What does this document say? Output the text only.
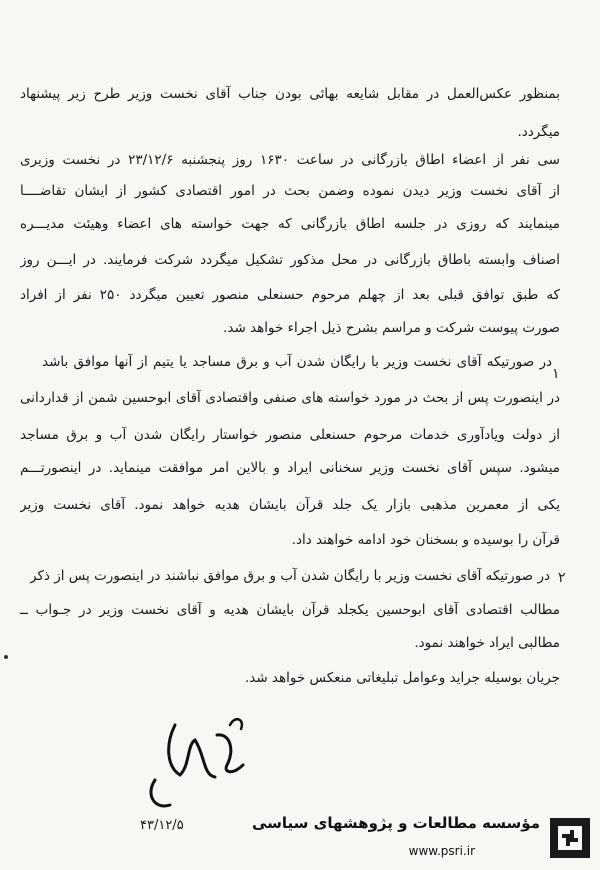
بمنظور عکس‌العمل در مقابل شایعه بهائی بودن جناب آقای نخست وزیر طرح زیر پیشنهاد
میگردد.
سی نفر از اعضاء اطاق بازرگانی در ساعت ۱۶۳۰ روز پنجشنبه ۲۳/۱۲/۶ در نخست وزیری
از آقای نخست وزیر دیدن نموده وضمن بحث در امور اقتصادی کشور از ایشان تقاضــــا
مینمایند که روزی در جلسه اطاق بازرگانی که جهت خواسته های اعضاء وهیئت مدیـــره
اصناف وابسته باطاق بازرگانی در محل مذکور تشکیل میگردد شرکت فرمایند. در ایـــن روز
که طبق توافق قبلی بعد از چهلم مرحوم حسنعلی منصور تعیین میگردد ۲۵۰ نفر از افراد
صورت پیوست شرکت و مراسم بشرح ذیل اجراء خواهد شد.
۱
در صورتیکه آقای نخست وزیر با رایگان شدن آب و برق مساجد یا یتیم از آنها موافق باشد
در اینصورت پس از بحث در مورد خواسته های صنفی واقتصادی آقای ابوحسین شمن از قداردانی
از دولت ویادآوری خدمات مرحوم حسنعلی منصور خواستار رایگان شدن آب و برق مساجد
میشود. سپس آقای نخست وزیر سخنانی ایراد و بالاین امر موافقت مینماید. در اینصورتـــم
یکی از معمرین مذهبی بازار یک جلد قرآن بایشان هدیه خواهد نمود. آقای نخست وزیر
قرآن را بوسیده و بسخنان خود ادامه خواهند داد.
۲
در صورتیکه آقای نخست وزیر با رایگان شدن آب و برق موافق نباشند در اینصورت پس از ذکر
مطالب اقتصادی آقای ابوحسین یکجلد قرآن بایشان هدیه و آقای نخست وزیر در جـواب ــ
مطالبی ایراد خواهند نمود.
جریان بوسیله جراید وعوامل تبلیغاتی منعکس خواهد شد.
۴۳/۱۲/۵	مؤسسه مطالعات و پژوهشهای سیاسی
www.psri.ir
